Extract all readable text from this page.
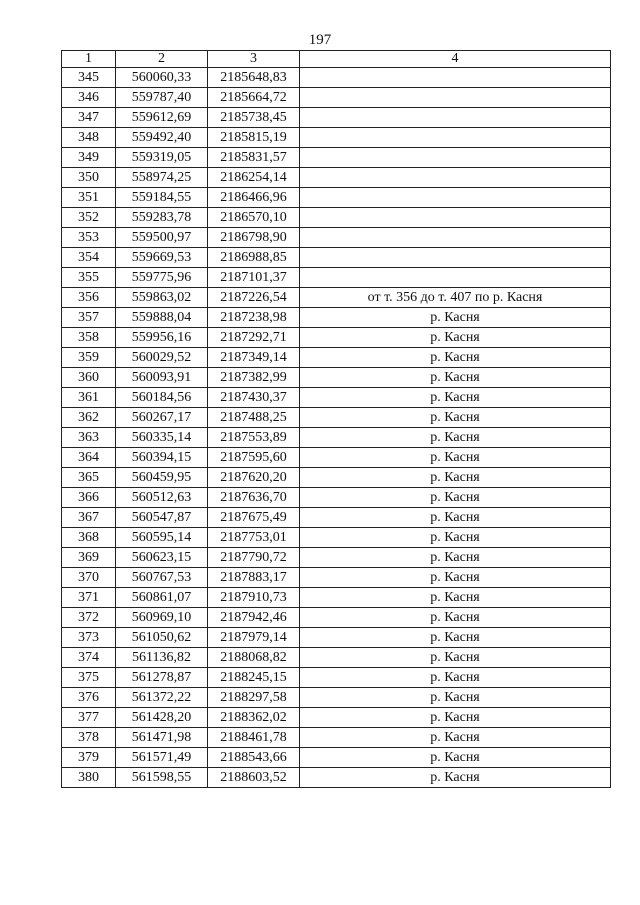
197
1	2	3	4
345	560060,33	2185648,83	
346	559787,40	2185664,72	
347	559612,69	2185738,45	
348	559492,40	2185815,19	
349	559319,05	2185831,57	
350	558974,25	2186254,14	
351	559184,55	2186466,96	
352	559283,78	2186570,10	
353	559500,97	2186798,90	
354	559669,53	2186988,85	
355	559775,96	2187101,37	
356	559863,02	2187226,54	от т. 356 до т. 407 по р. Касня
357	559888,04	2187238,98	р. Касня
358	559956,16	2187292,71	р. Касня
359	560029,52	2187349,14	р. Касня
360	560093,91	2187382,99	р. Касня
361	560184,56	2187430,37	р. Касня
362	560267,17	2187488,25	р. Касня
363	560335,14	2187553,89	р. Касня
364	560394,15	2187595,60	р. Касня
365	560459,95	2187620,20	р. Касня
366	560512,63	2187636,70	р. Касня
367	560547,87	2187675,49	р. Касня
368	560595,14	2187753,01	р. Касня
369	560623,15	2187790,72	р. Касня
370	560767,53	2187883,17	р. Касня
371	560861,07	2187910,73	р. Касня
372	560969,10	2187942,46	р. Касня
373	561050,62	2187979,14	р. Касня
374	561136,82	2188068,82	р. Касня
375	561278,87	2188245,15	р. Касня
376	561372,22	2188297,58	р. Касня
377	561428,20	2188362,02	р. Касня
378	561471,98	2188461,78	р. Касня
379	561571,49	2188543,66	р. Касня
380	561598,55	2188603,52	р. Касня
